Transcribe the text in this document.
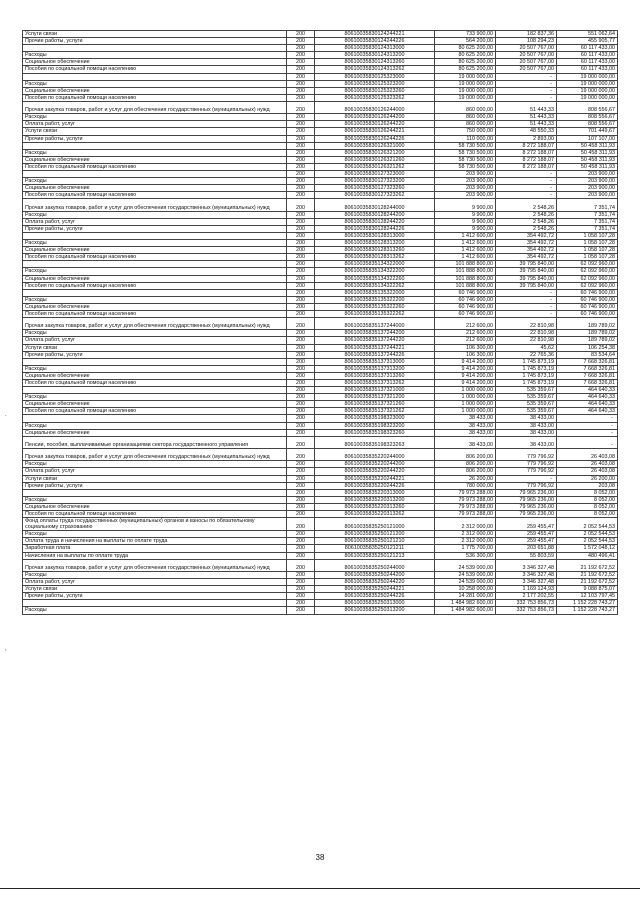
Услуги связи	200	80610035830124244221	733 900,00	182 837,36	551 062,64
Прочие работы, услуги	200	80610035830124244226	564 200,00	108 294,23	455 905,77
	200	80610035830124313000	80 625 200,00	20 507 767,00	60 117 433,00
Расходы	200	80610035830124313200	80 625 200,00	20 507 767,00	60 117 433,00
Социальное обеспечение	200	80610035830124313260	80 625 200,00	20 507 767,00	60 117 433,00
Пособия по социальной помощи населению	200	80610035830124313262	80 625 200,00	20 507 767,00	60 117 433,00
	200	80610035830125323000	19 000 000,00	-	19 000 000,00
Расходы	200	80610035830125323200	19 000 000,00	-	19 000 000,00
Социальное обеспечение	200	80610035830125323260	19 000 000,00	-	19 000 000,00
Пособия по социальной помощи населению	200	80610035830125323262	19 000 000,00	-	19 000 000,00
Прочая закупка товаров, работ и услуг для обеспечения государственных (муниципальных) нужд	200	80610035830126244000	860 000,00	51 443,33	808 556,67
Расходы	200	80610035830126244200	860 000,00	51 443,33	808 556,67
Оплата работ, услуг	200	80610035830126244220	860 000,00	51 443,33	808 556,67
Услуги связи	200	80610035830126244221	750 000,00	48 550,33	701 449,67
Прочие работы, услуги	200	80610035830126244226	110 000,00	2 893,00	107 107,00
	200	80610035830126321000	58 730 500,00	8 272 188,07	50 458 311,93
Расходы	200	80610035830126321200	58 730 500,00	8 272 188,07	50 458 311,93
Социальное обеспечение	200	80610035830126321260	58 730 500,00	8 272 188,07	50 458 311,93
Пособия по социальной помощи населению	200	80610035830126321262	58 730 500,00	8 272 188,07	50 458 311,93
	200	80610035830127323000	203 900,00	-	203 900,00
Расходы	200	80610035830127323200	203 900,00	-	203 900,00
Социальное обеспечение	200	80610035830127323260	203 900,00	-	203 900,00
Пособия по социальной помощи населению	200	80610035830127323262	203 900,00	-	203 900,00
Прочая закупка товаров, работ и услуг для обеспечения государственных (муниципальных) нужд	200	80610035830128244000	9 900,00	2 548,26	7 351,74
Расходы	200	80610035830128244200	9 900,00	2 548,26	7 351,74
Оплата работ, услуг	200	80610035830128244220	9 900,00	2 548,26	7 351,74
Прочие работы, услуги	200	80610035830128244226	9 900,00	2 548,26	7 351,74
	200	80610035830128313000	1 412 600,00	354 492,72	1 058 107,28
Расходы	200	80610035830128313200	1 412 600,00	354 492,72	1 058 107,28
Социальное обеспечение	200	80610035830128313260	1 412 600,00	354 492,72	1 058 107,28
Пособия по социальной помощи населению	200	80610035830128313262	1 412 600,00	354 492,72	1 058 107,28
	200	80610035835134322000	101 888 800,00	39 795 840,00	62 092 960,00
Расходы	200	80610035835134322200	101 888 800,00	39 795 840,00	62 092 960,00
Социальное обеспечение	200	80610035835134322260	101 888 800,00	39 795 840,00	62 092 960,00
Пособия по социальной помощи населению	200	80610035835134322262	101 888 800,00	39 795 840,00	62 092 960,00
	200	80610035835135322000	60 746 900,00	-	60 746 900,00
Расходы	200	80610035835135322200	60 746 900,00	-	60 746 900,00
Социальное обеспечение	200	80610035835135322260	60 746 900,00	-	60 746 900,00
Пособия по социальной помощи населению	200	80610035835135322262	60 746 900,00	-	60 746 900,00
Прочая закупка товаров, работ и услуг для обеспечения государственных (муниципальных) нужд	200	80610035835137244000	212 600,00	22 810,98	189 789,02
Расходы	200	80610035835137244200	212 600,00	22 810,98	189 789,02
Оплата работ, услуг	200	80610035835137244220	212 600,00	22 810,98	189 789,02
Услуги связи	200	80610035835137244221	106 300,00	45,62	106 254,38
Прочие работы, услуги	200	80610035835137244226	106 300,00	22 765,36	83 534,64
	200	80610035835137313000	9 414 200,00	1 745 873,19	7 668 326,81
Расходы	200	80610035835137313200	9 414 200,00	1 745 873,19	7 668 326,81
Социальное обеспечение	200	80610035835137313260	9 414 200,00	1 745 873,19	7 668 326,81
Пособия по социальной помощи населению	200	80610035835137313262	9 414 200,00	1 745 873,19	7 668 326,81
	200	80610035835137321000	1 000 000,00	535 359,67	464 640,33
Расходы	200	80610035835137321200	1 000 000,00	535 359,67	464 640,33
Социальное обеспечение	200	80610035835137321260	1 000 000,00	535 359,67	464 640,33
Пособия по социальной помощи населению	200	80610035835137321262	1 000 000,00	535 359,67	464 640,33
	200	80610035835198323000	38 433,00	38 433,00	-
Расходы	200	80610035835198323200	38 433,00	38 433,00	-
Социальное обеспечение	200	80610035835198323260	38 433,00	38 433,00	-
Пенсии, пособия, выплачиваемые организациями сектора государственного управления	200	80610035835198323263	38 433,00	38 433,00	-
Прочая закупка товаров, работ и услуг для обеспечения государственных (муниципальных) нужд	200	80610035835220244000	806 200,00	779 796,92	26 403,08
Расходы	200	80610035835220244200	806 200,00	779 796,92	26 403,08
Оплата работ, услуг	200	80610035835220244220	806 200,00	779 796,92	26 403,08
Услуги связи	200	80610035835220244221	26 200,00	-	26 200,00
Прочие работы, услуги	200	80610035835220244226	780 000,00	779 796,92	203,08
	200	80610035835220313000	79 973 288,00	79 965 236,00	8 052,00
Расходы	200	80610035835220313200	79 973 288,00	79 965 236,00	8 052,00
Социальное обеспечение	200	80610035835220313260	79 973 288,00	79 965 236,00	8 052,00
Пособия по социальной помощи населению	200	80610035835220313262	79 973 288,00	79 965 236,00	8 052,00
Фонд оплаты труда государственных (муниципальных) органов и взносы по обязательному социальному страхованию	200	80610035835250121000	2 312 000,00	259 455,47	2 052 544,53
Расходы	200	80610035835250121200	2 312 000,00	259 455,47	2 052 544,53
Оплата труда и начисления на выплаты по оплате труда	200	80610035835250121210	2 312 000,00	259 455,47	2 052 544,53
Заработная плата	200	80610035835250121211	1 775 700,00	203 651,88	1 572 048,12
Начисления на выплаты по оплате труда	200	80610035835250121213	536 300,00	55 803,59	480 496,41
Прочая закупка товаров, работ и услуг для обеспечения государственных (муниципальных) нужд	200	80610035835250244000	24 539 000,00	3 346 327,48	21 192 672,52
Расходы	200	80610035835250244200	24 539 000,00	3 346 327,48	21 192 672,52
Оплата работ, услуг	200	80610035835250244220	24 539 000,00	3 346 327,48	21 192 672,52
Услуги связи	200	80610035835250244221	10 258 000,00	1 169 124,93	9 088 875,07
Прочие работы, услуги	200	80610035835250244226	14 281 000,00	2 177 202,55	12 103 797,45
	200	80610035835250313000	1 484 982 600,00	332 753 856,73	1 152 228 743,27
Расходы	200	80610035835250313200	1 484 982 600,00	332 753 856,73	1 152 228 743,27
.
,
38
